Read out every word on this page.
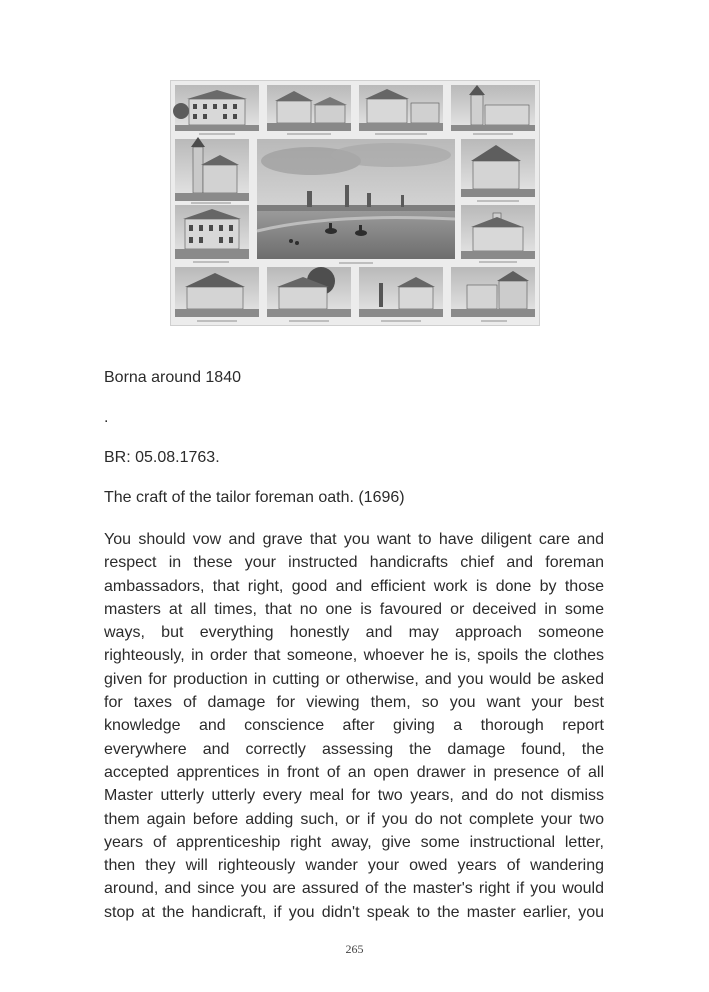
Borna around 1840
.
BR: 05.08.1763.
The craft of the tailor foreman oath. (1696)
You should vow and grave that you want to have diligent care and
respect in these your instructed handicrafts chief and foreman
ambassadors, that right, good and efficient work is done by those
masters at all times, that no one is favoured or deceived in some
ways, but everything honestly and may approach someone
righteously, in order that someone, whoever he is, spoils the clothes
given for production in cutting or otherwise, and you would be asked
for taxes of damage for viewing them, so you want your best
knowledge and conscience after giving a thorough report
everywhere and correctly assessing the damage found, the
accepted apprentices in front of an open drawer in presence of all
Master utterly utterly every meal for two years, and do not dismiss
them again before adding such, or if you do not complete your two
years of apprenticeship right away, give some instructional letter,
then they will righteously wander your owed years of wandering
around, and since you are assured of the master's right if you would
stop at the handicraft, if you didn't speak to the master earlier, you
265
